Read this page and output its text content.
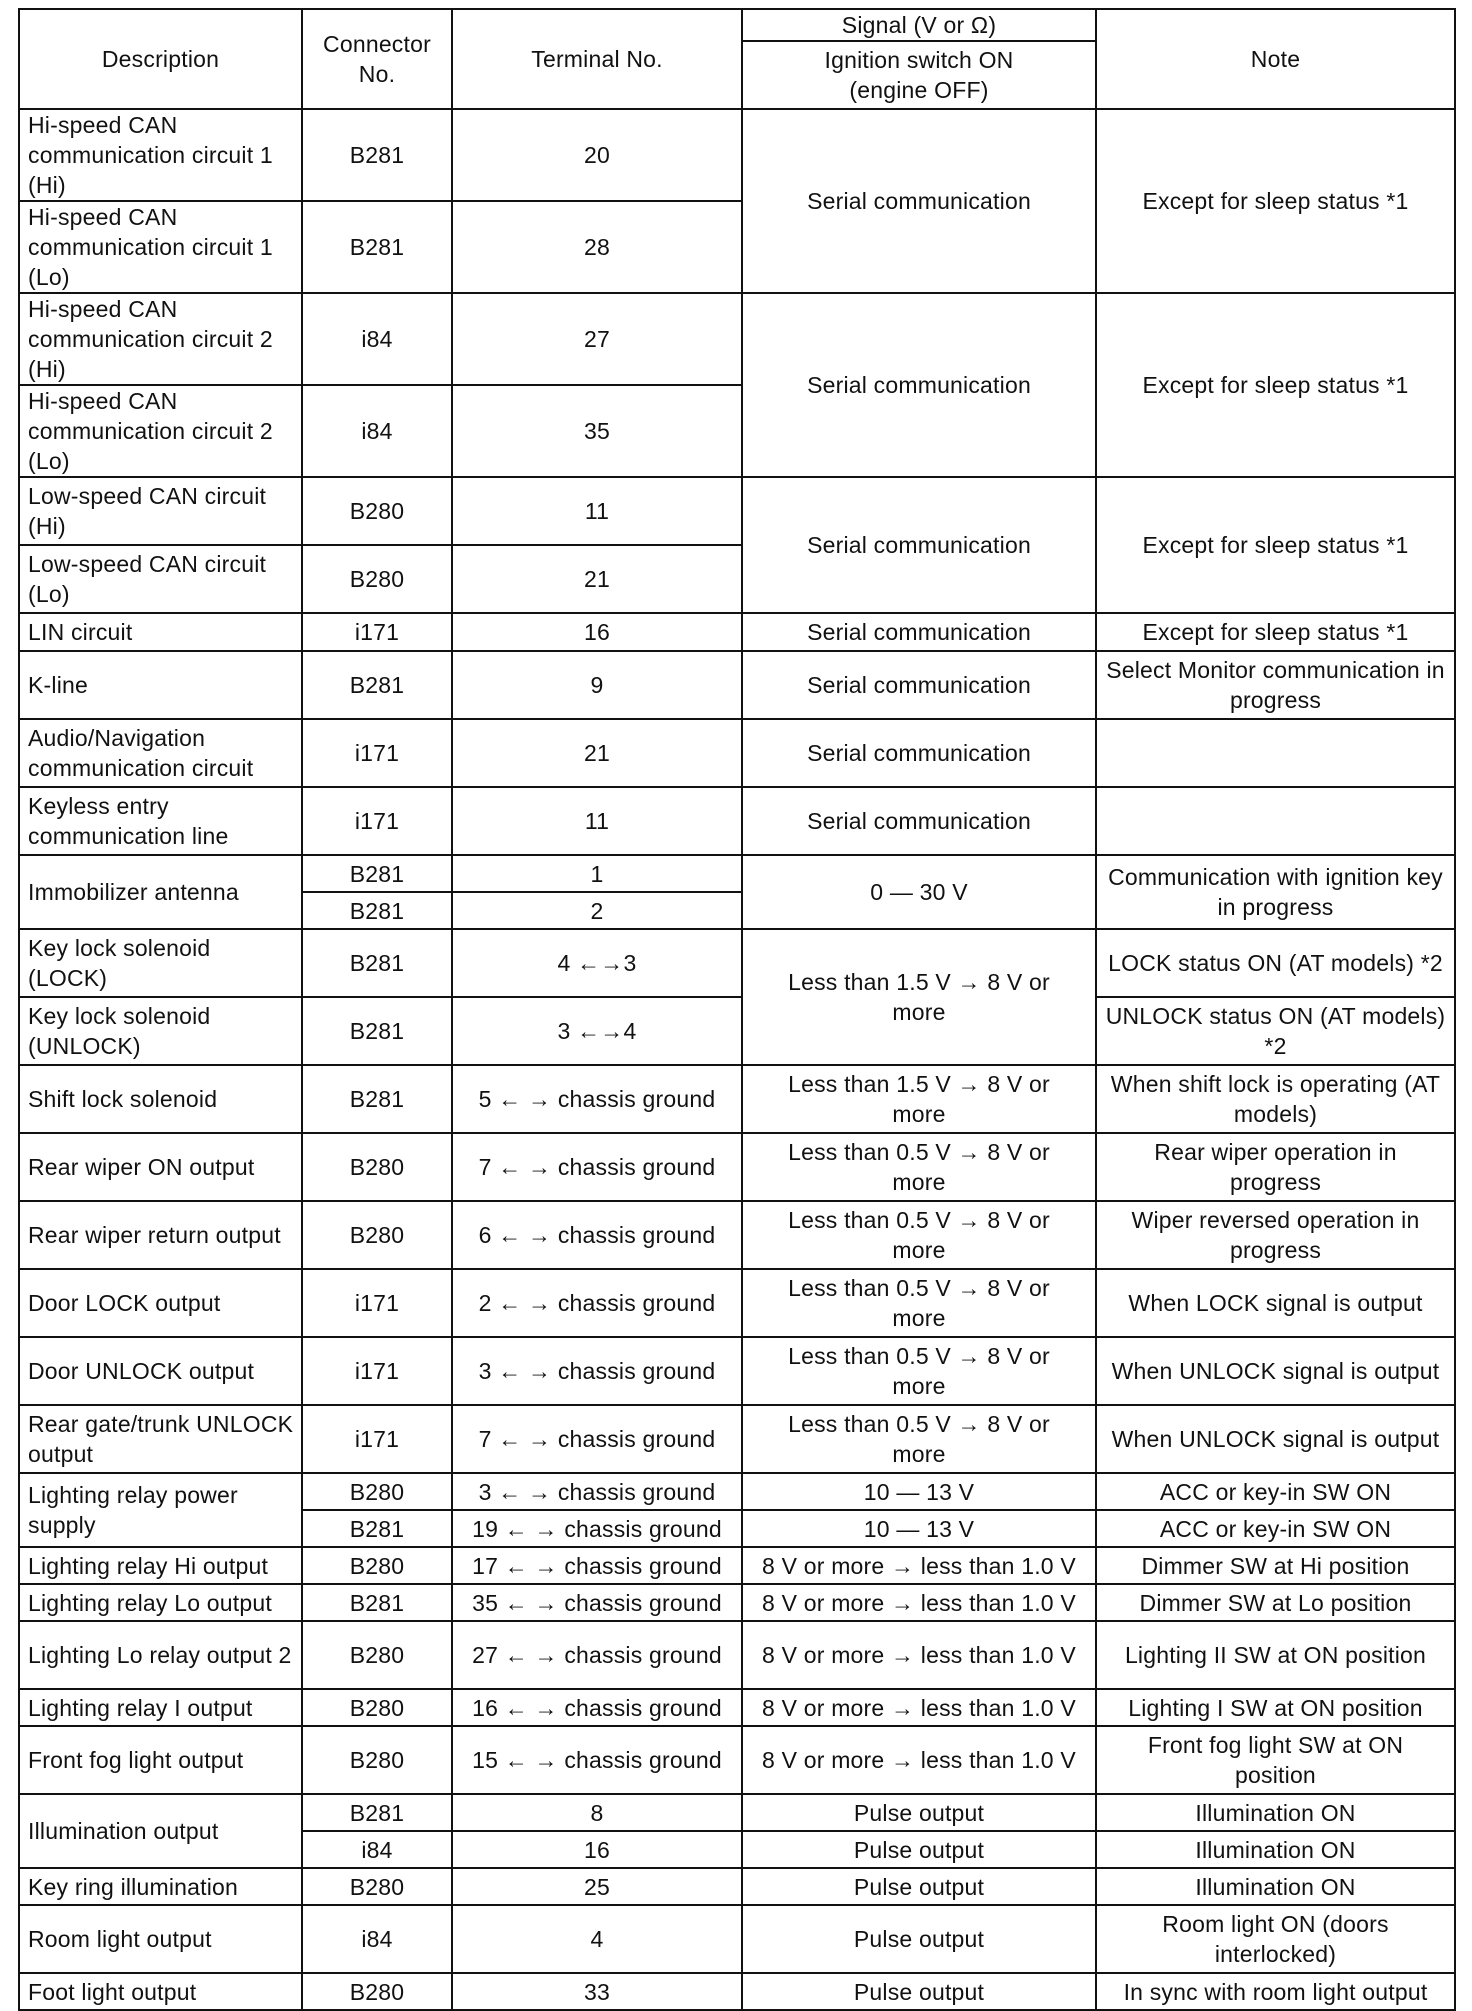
Description	Connector No.	Terminal No.	Signal (V or Ω)	Note
			Ignition switch ON (engine OFF)	
Hi-speed CAN communication circuit 1 (Hi)	B281	20	Serial communication	Except for sleep status *1
Hi-speed CAN communication circuit 1 (Lo)	B281	28		
Hi-speed CAN communication circuit 2 (Hi)	i84	27	Serial communication	Except for sleep status *1
Hi-speed CAN communication circuit 2 (Lo)	i84	35		
Low-speed CAN circuit (Hi)	B280	11	Serial communication	Except for sleep status *1
Low-speed CAN circuit (Lo)	B280	21		
LIN circuit	i171	16	Serial communication	Except for sleep status *1
K-line	B281	9	Serial communication	Select Monitor communication in progress
Audio/Navigation communication circuit	i171	21	Serial communication	
Keyless entry communication line	i171	11	Serial communication	
Immobilizer antenna	B281	1	0 — 30 V	Communication with ignition key in progress
	B281	2		
Key lock solenoid (LOCK)	B281	4 ←→3	Less than 1.5 V → 8 V or more	LOCK status ON (AT models) *2
Key lock solenoid (UNLOCK)	B281	3 ←→4		UNLOCK status ON (AT models) *2
Shift lock solenoid	B281	5 ← → chassis ground	Less than 1.5 V → 8 V or more	When shift lock is operating (AT models)
Rear wiper ON output	B280	7 ← → chassis ground	Less than 0.5 V → 8 V or more	Rear wiper operation in progress
Rear wiper return output	B280	6 ← → chassis ground	Less than 0.5 V → 8 V or more	Wiper reversed operation in progress
Door LOCK output	i171	2 ← → chassis ground	Less than 0.5 V → 8 V or more	When LOCK signal is output
Door UNLOCK output	i171	3 ← → chassis ground	Less than 0.5 V → 8 V or more	When UNLOCK signal is output
Rear gate/trunk UNLOCK output	i171	7 ← → chassis ground	Less than 0.5 V → 8 V or more	When UNLOCK signal is output
Lighting relay power supply	B280	3 ← → chassis ground	10 — 13 V	ACC or key-in SW ON
	B281	19 ← → chassis ground	10 — 13 V	ACC or key-in SW ON
Lighting relay Hi output	B280	17 ← → chassis ground	8 V or more → less than 1.0 V	Dimmer SW at Hi position
Lighting relay Lo output	B281	35 ← → chassis ground	8 V or more → less than 1.0 V	Dimmer SW at Lo position
Lighting Lo relay output 2	B280	27 ← → chassis ground	8 V or more → less than 1.0 V	Lighting II SW at ON position
Lighting relay I output	B280	16 ← → chassis ground	8 V or more → less than 1.0 V	Lighting I SW at ON position
Front fog light output	B280	15 ← → chassis ground	8 V or more → less than 1.0 V	Front fog light SW at ON position
Illumination output	B281	8	Pulse output	Illumination ON
	i84	16	Pulse output	Illumination ON
Key ring illumination	B280	25	Pulse output	Illumination ON
Room light output	i84	4	Pulse output	Room light ON (doors interlocked)
Foot light output	B280	33	Pulse output	In sync with room light output
